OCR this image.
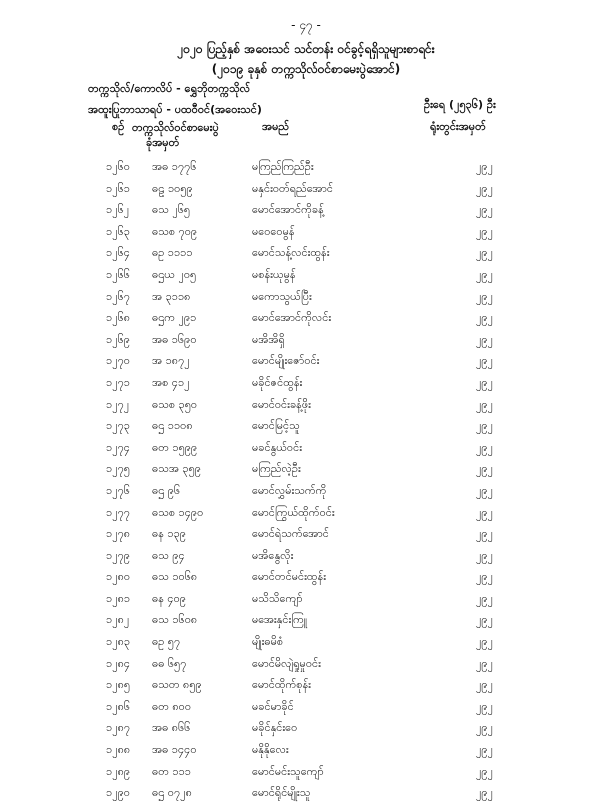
- ၄၇ -
၂၀၂၀ ပြည့်နှစ် အဝေးသင် သင်တန်း ဝင်ခွင့်ရရှိသူများစာရင်း
(၂၀၁၉ ခုနှစ် တက္ကသိုလ်ဝင်စာမေးပွဲအောင်)
တက္ကသိုလ်/ကောလိပ် - ရွှေဘိုတက္ကသိုလ်
အထူးပြုဘာသာရပ် - ပထဝီဝင်(အဝေးသင်)	ဦးရေ (၂၅၃၆) ဦး
စဉ် တက္ကသိုလ်ဝင်စာမေးပွဲ
ခုံအမှတ်
အမည်	ရုံးတွင်းအမှတ်
၁၂၆၀ အဓ ၁၇၇၆	မကြည်ကြည်ဦး	၂၉၂
၁၂၆၁ ဓဠ ၁၀၅၉	မနှင်းဝတ်ရည်အောင်	၂၉၂
၁၂၆၂ ဓသ ၂၆၅	မောင်အောင်ကိုခန့်	၂၉၂
၁၂၆၃ ဓသစ ၇၀၉	မဝေဝေမွန်	၂၉၂
၁၂၆၄ ဓဥ ၁၁၁၁	မောင်သန့်လင်းထွန်း	၂၉၂
၁၂၆၆ ဓဌယ ၂၀၅	မစန်းယုမွန်	၂၉၂
၁၂၆၇ အ ၃၁၁၈	မကောသွယ်ပြီး	၂၉၂
၁၂၆၈ ဓဌက ၂၉၁	မောင်အောင်ကိုလင်း	၂၉၂
၁၂၆၉ အဓ ၁၆၉၀	မအိအိရှိ	၂၉၂
၁၂၇၀ အ ၁၈၇၂	မောင်မျိုးဇော်ဝင်း	၂၉၂
၁၂၇၁ အစ ၄၁၂	မခိုင်ဇင်ထွန်း	၂၉၂
၁၂၇၂ ဓသစ ၃၅၀	မောင်ဝင်းခန့်ဖိုး	၂၉၂
၁၂၇၃ ဓဌ ၁၁၀၈	မောင်မြင့်သူ	၂၉၂
၁၂၇၄ ဓတ ၁၅၉၉	မခင်နွယ်ဝင်း	၂၉၂
၁၂၇၅ ဓသအ ၃၅၉	မကြည်လဲ့ဦး	၂၉၂
၁၂၇၆ ဓဌ ၉၆	မောင်လွှမ်းသက်ကို	၂၉၂
၁၂၇၇ ဓသစ ၁၄၉၀	မောင်ကြွယ်ထိုက်ဝင်း	၂၉၂
၁၂၇၈ ဓန ၁၃၉	မောင်ရဲသက်အောင်	၂၉၂
၁၂၇၉ ဓသ ၉၄	မအိနွေလိုး	၂၉၂
၁၂၈၀ ဓသ ၁၀၆၈	မောင်တင်မင်းထွန်း	၂၉၂
၁၂၈၁ ဓန ၄၀၉	မသိသိကျော်	၂၉၂
၁၂၈၂ ဓသ ၁၆၀၈	မအေးနှင်းကြူ	၂၉၂
၁၂၈၃ ဓဥ ၅၇	မျိုးဓမိစံ	၂၉၂
၁၂၈၄ ဓဓ ၆၅၇	မောင်မိလျဲရှုမှုဝင်း	၂၉၂
၁၂၈၅ ဓသတ ၈၅၉	မောင်ထိုက်စုန်း	၂၉၂
၁၂၈၆ ဓတ ၈၀၀	မခင်မာခိုင်	၂၉၂
၁၂၈၇ အဓ ၈၆၆	မခိုင်နှင်းဝေ	၂၉၂
၁၂၈၈ အဓ ၁၄၄၀	မနိုနိုလေး	၂၉၂
၁၂၈၉ ဓတ ၁၁၁	မောင်မင်းသူကျော်	၂၉၂
၁၂၉၀ ဓဌ ၀၇၂၈	မောင်ရိုင်မျိုးသူ	၂၉၂
